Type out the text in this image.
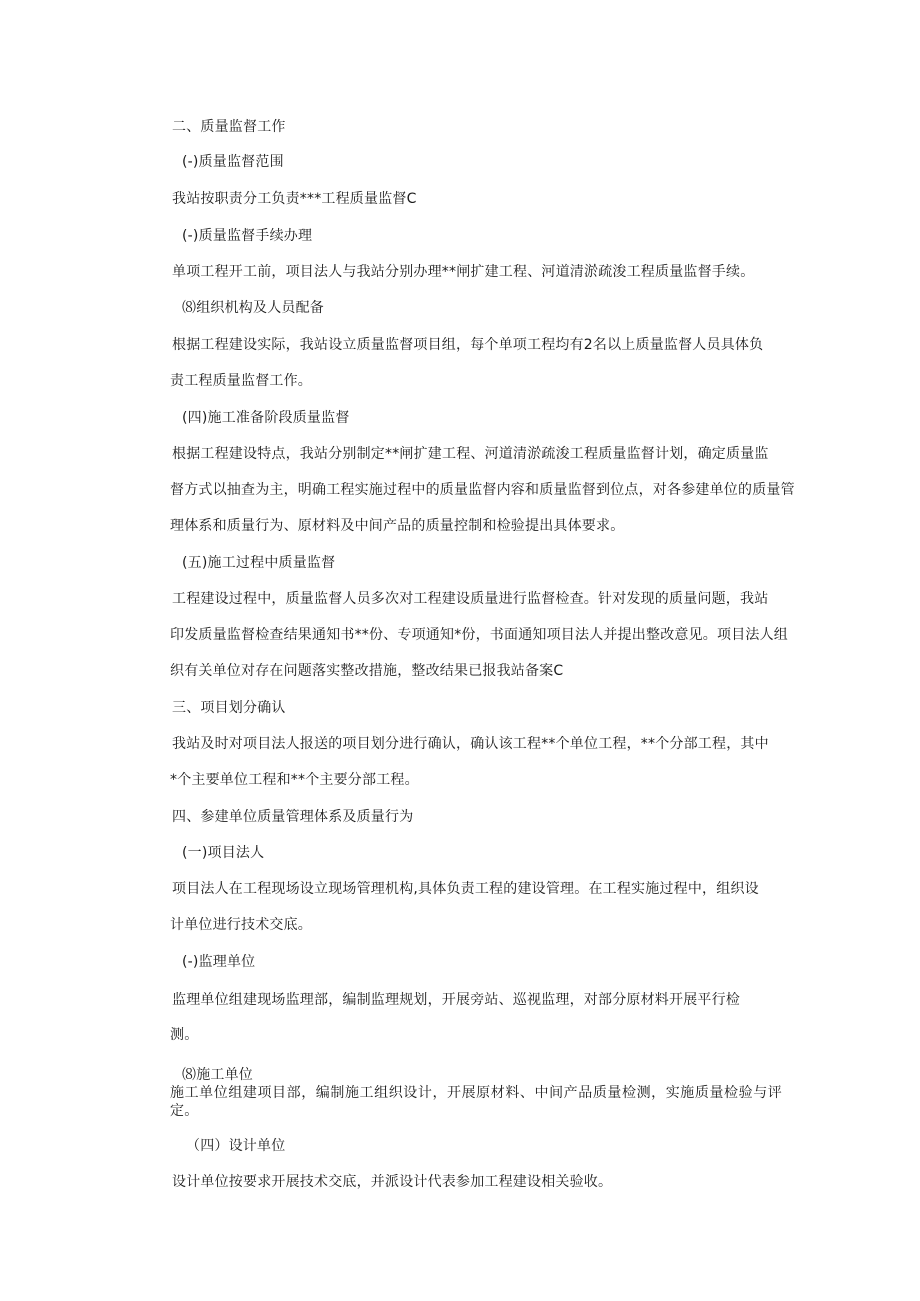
二、质量监督工作
(-)质量监督范围
我站按职责分工负责***工程质量监督C
(-)质量监督手续办理
单项工程开工前，项目法人与我站分别办理**闸扩建工程、河道清淤疏浚工程质量监督手续。
⑻组织机构及人员配备
根据工程建设实际，我站设立质量监督项目组，每个单项工程均有2名以上质量监督人员具体负
责工程质量监督工作。
(四)施工准备阶段质量监督
根据工程建设特点，我站分别制定**闸扩建工程、河道清淤疏浚工程质量监督计划，确定质量监
督方式以抽查为主，明确工程实施过程中的质量监督内容和质量监督到位点，对各参建单位的质量管
理体系和质量行为、原材料及中间产品的质量控制和检验提出具体要求。
(五)施工过程中质量监督
工程建设过程中，质量监督人员多次对工程建设质量进行监督检查。针对发现的质量问题，我站
印发质量监督检查结果通知书**份、专项通知*份，书面通知项目法人并提出整改意见。项目法人组
织有关单位对存在问题落实整改措施，整改结果已报我站备案C
三、项目划分确认
我站及时对项目法人报送的项目划分进行确认，确认该工程**个单位工程，**个分部工程，其中
*个主要单位工程和**个主要分部工程。
四、参建单位质量管理体系及质量行为
(一)项目法人
项目法人在工程现场设立现场管理机构,具体负责工程的建设管理。在工程实施过程中，组织设
计单位进行技术交底。
(-)监理单位
监理单位组建现场监理部，编制监理规划，开展旁站、巡视监理，对部分原材料开展平行检
测。
⑻施工单位
施工单位组建项目部，编制施工组织设计，开展原材料、中间产品质量检测，实施质量检验与评定。
（四）设计单位
设计单位按要求开展技术交底，并派设计代表参加工程建设相关验收。
